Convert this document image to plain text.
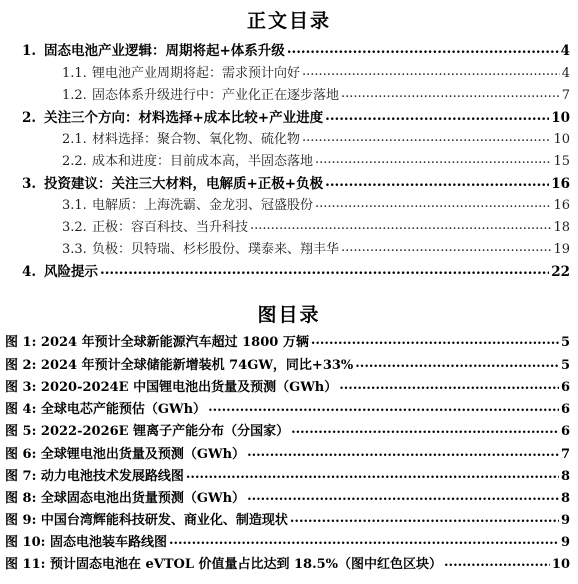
正文目录
1. 固态电池产业逻辑：周期将起+体系升级 .....	4
1.1. 锂电池产业周期将起：需求预计向好 .....	4
1.2. 固态体系升级进行中：产业化正在逐步落地 .....	7
2. 关注三个方向：材料选择+成本比较+产业进度 .....	10
2.1. 材料选择：聚合物、氧化物、硫化物 .....	10
2.2. 成本和进度：目前成本高，半固态落地 .....	15
3. 投资建议：关注三大材料，电解质+正极+负极 .....	16
3.1. 电解质：上海洗霸、金龙羽、冠盛股份 .....	16
3.2. 正极：容百科技、当升科技 .....	18
3.3. 负极：贝特瑞、杉杉股份、璞泰来、翔丰华 .....	19
4. 风险提示 .....	22
图目录
图 1: 2024 年预计全球新能源汽车超过 1800 万辆 .....	5
图 2: 2024 年预计全球储能新增装机 74GW，同比+33% .....	5
图 3: 2020-2024E 中国锂电池出货量及预测（GWh） .....	6
图 4: 全球电芯产能预估（GWh） .....	6
图 5: 2022-2026E 锂离子产能分布（分国家） .....	6
图 6: 全球锂电池出货量及预测（GWh） .....	7
图 7: 动力电池技术发展路线图 .....	8
图 8: 全球固态电池出货量预测（GWh） .....	8
图 9: 中国台湾辉能科技研发、商业化、制造现状 .....	9
图 10: 固态电池装车路线图 .....	9
图 11: 预计固态电池在 eVTOL 价值量占比达到 18.5%（图中红色区块） .....	10
